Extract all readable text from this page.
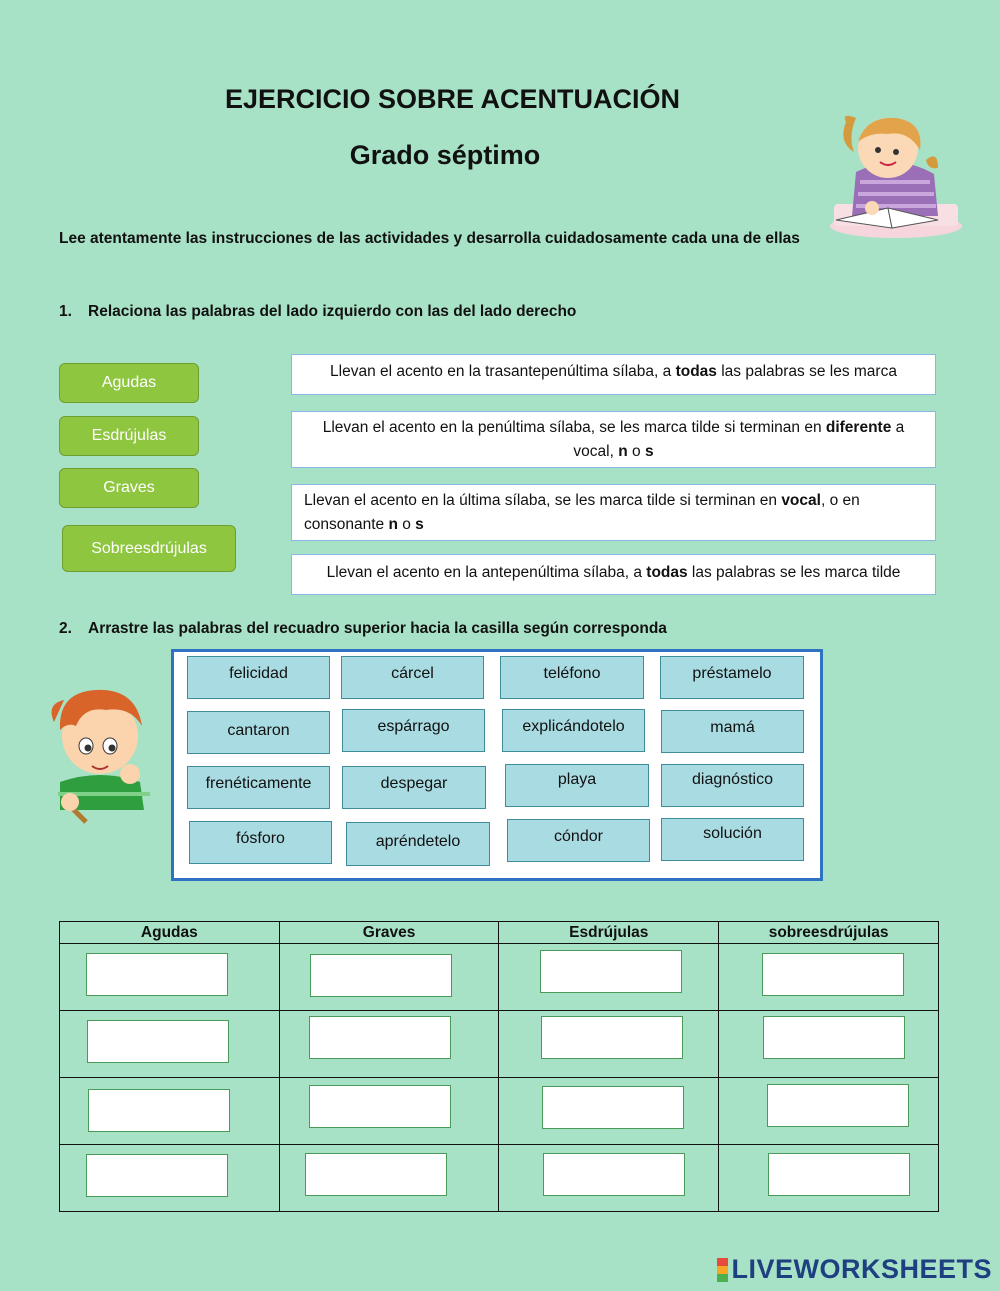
EJERCICIO SOBRE ACENTUACIÓN
Grado séptimo
Lee atentamente las instrucciones de las actividades y desarrolla cuidadosamente cada una de ellas
1. Relaciona las palabras del lado izquierdo con las del lado derecho
Agudas
Esdrújulas
Graves
Sobreesdrújulas
Llevan el acento en la trasantepenúltima sílaba, a todas las palabras se les marca
Llevan el acento en la penúltima sílaba, se les marca tilde si terminan en diferente a vocal, n o s
Llevan el acento en la última sílaba, se les marca tilde si terminan en vocal, o en consonante n o s
Llevan el acento en la antepenúltima sílaba, a todas las palabras se les marca tilde
2. Arrastre las palabras del recuadro superior hacia la casilla según corresponda
felicidad	cárcel	teléfono	préstamelo
cantaron	espárrago	explicándotelo	mamá
frenéticamente	despegar	playa	diagnóstico
fósforo	apréndetelo	cóndor	solución
Agudas	Graves	Esdrújulas	sobreesdrújulas

LIVEWORKSHEETS
